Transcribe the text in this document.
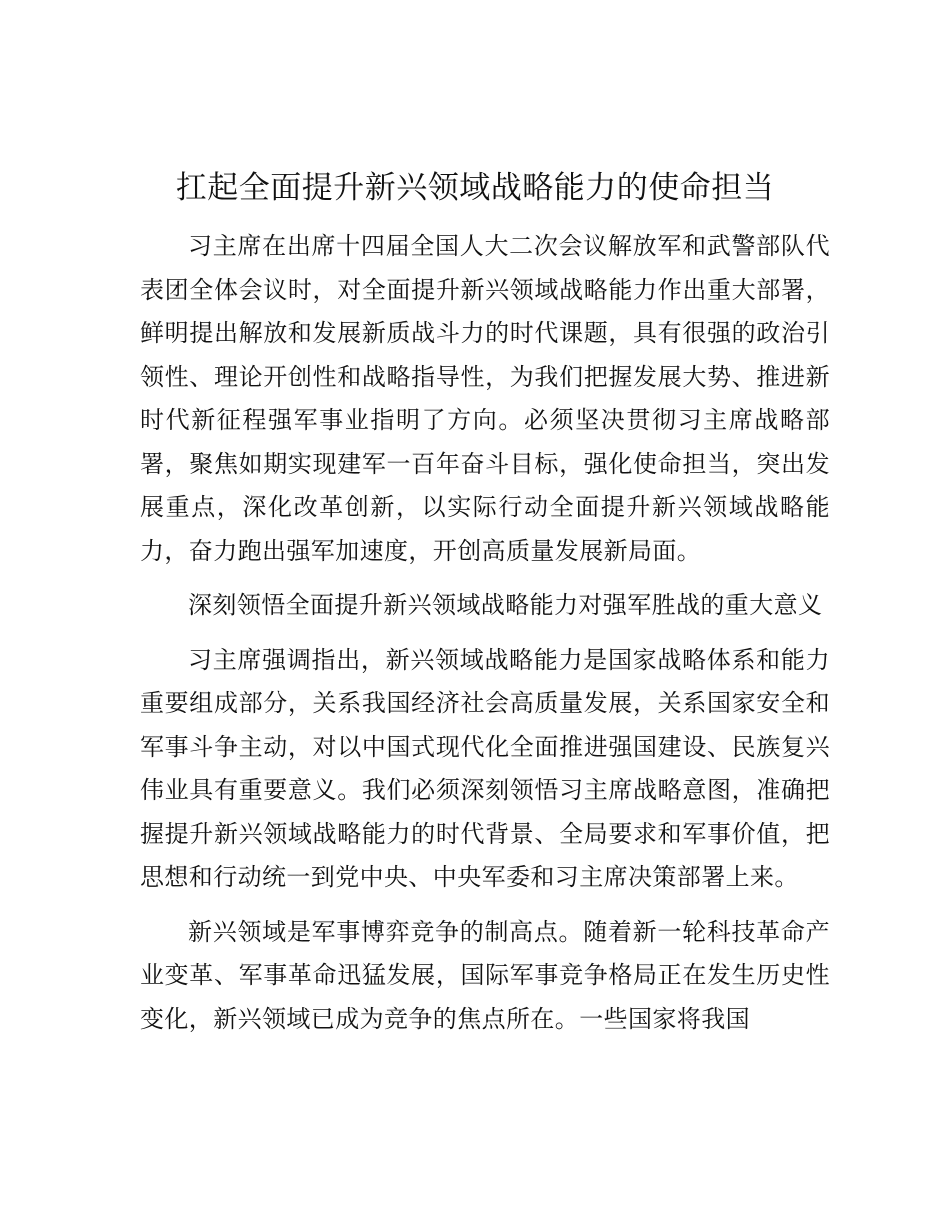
扛起全面提升新兴领域战略能力的使命担当

习主席在出席十四届全国人大二次会议解放军和武警部队代表团全体会议时，对全面提升新兴领域战略能力作出重大部署，鲜明提出解放和发展新质战斗力的时代课题，具有很强的政治引领性、理论开创性和战略指导性，为我们把握发展大势、推进新时代新征程强军事业指明了方向。必须坚决贯彻习主席战略部署，聚焦如期实现建军一百年奋斗目标，强化使命担当，突出发展重点，深化改革创新，以实际行动全面提升新兴领域战略能力，奋力跑出强军加速度，开创高质量发展新局面。

深刻领悟全面提升新兴领域战略能力对强军胜战的重大意义

习主席强调指出，新兴领域战略能力是国家战略体系和能力重要组成部分，关系我国经济社会高质量发展，关系国家安全和军事斗争主动，对以中国式现代化全面推进强国建设、民族复兴伟业具有重要意义。我们必须深刻领悟习主席战略意图，准确把握提升新兴领域战略能力的时代背景、全局要求和军事价值，把思想和行动统一到党中央、中央军委和习主席决策部署上来。

新兴领域是军事博弈竞争的制高点。随着新一轮科技革命产业变革、军事革命迅猛发展，国际军事竞争格局正在发生历史性变化，新兴领域已成为竞争的焦点所在。一些国家将我国
